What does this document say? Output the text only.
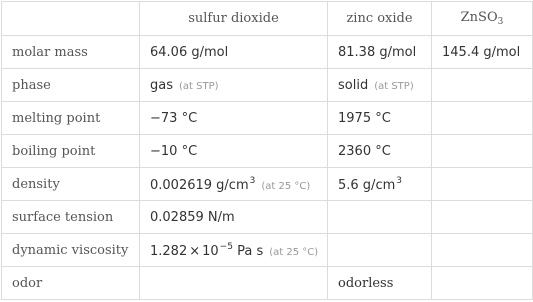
	sulfur dioxide	zinc oxide	ZnSO$_3$
molar mass	64.06 g/mol	81.38 g/mol	145.4 g/mol
phase	gas (at STP)	solid (at STP)	
melting point	−73 °C	1975 °C	
boiling point	−10 °C	2360 °C	
density	0.002619 $g/cm^3$ (at 25 °C)	5.6 $g/cm^3$	
surface tension	0.02859 N/m		
dynamic viscosity	$1.282 \times 10^{-5}$ Pa s (at 25 °C)		
odor		odorless	
